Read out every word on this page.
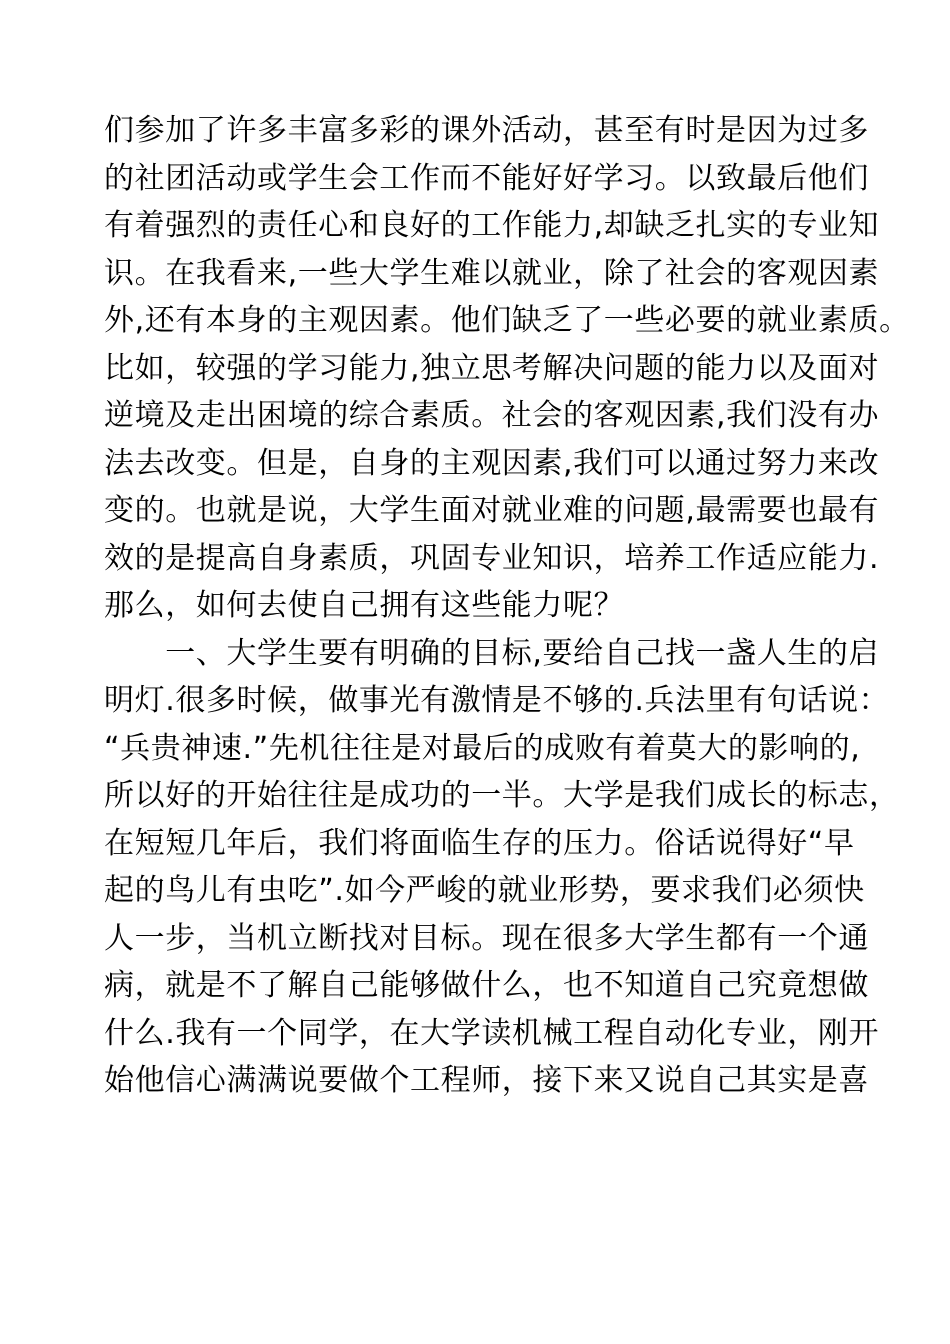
们参加了许多丰富多彩的课外活动，甚至有时是因为过多
的社团活动或学生会工作而不能好好学习。以致最后他们
有着强烈的责任心和良好的工作能力,却缺乏扎实的专业知
识。在我看来,一些大学生难以就业，除了社会的客观因素
外,还有本身的主观因素。他们缺乏了一些必要的就业素质。
比如，较强的学习能力,独立思考解决问题的能力以及面对
逆境及走出困境的综合素质。社会的客观因素,我们没有办
法去改变。但是，自身的主观因素,我们可以通过努力来改
变的。也就是说，大学生面对就业难的问题,最需要也最有
效的是提高自身素质，巩固专业知识，培养工作适应能力.
那么，如何去使自己拥有这些能力呢？
　　一、大学生要有明确的目标,要给自己找一盏人生的启
明灯.很多时候，做事光有激情是不够的.兵法里有句话说：
“兵贵神速.”先机往往是对最后的成败有着莫大的影响的,
所以好的开始往往是成功的一半。大学是我们成长的标志，
在短短几年后，我们将面临生存的压力。俗话说得好“早
起的鸟儿有虫吃”.如今严峻的就业形势，要求我们必须快
人一步，当机立断找对目标。现在很多大学生都有一个通
病，就是不了解自己能够做什么，也不知道自己究竟想做
什么.我有一个同学，在大学读机械工程自动化专业，刚开
始他信心满满说要做个工程师，接下来又说自己其实是喜
